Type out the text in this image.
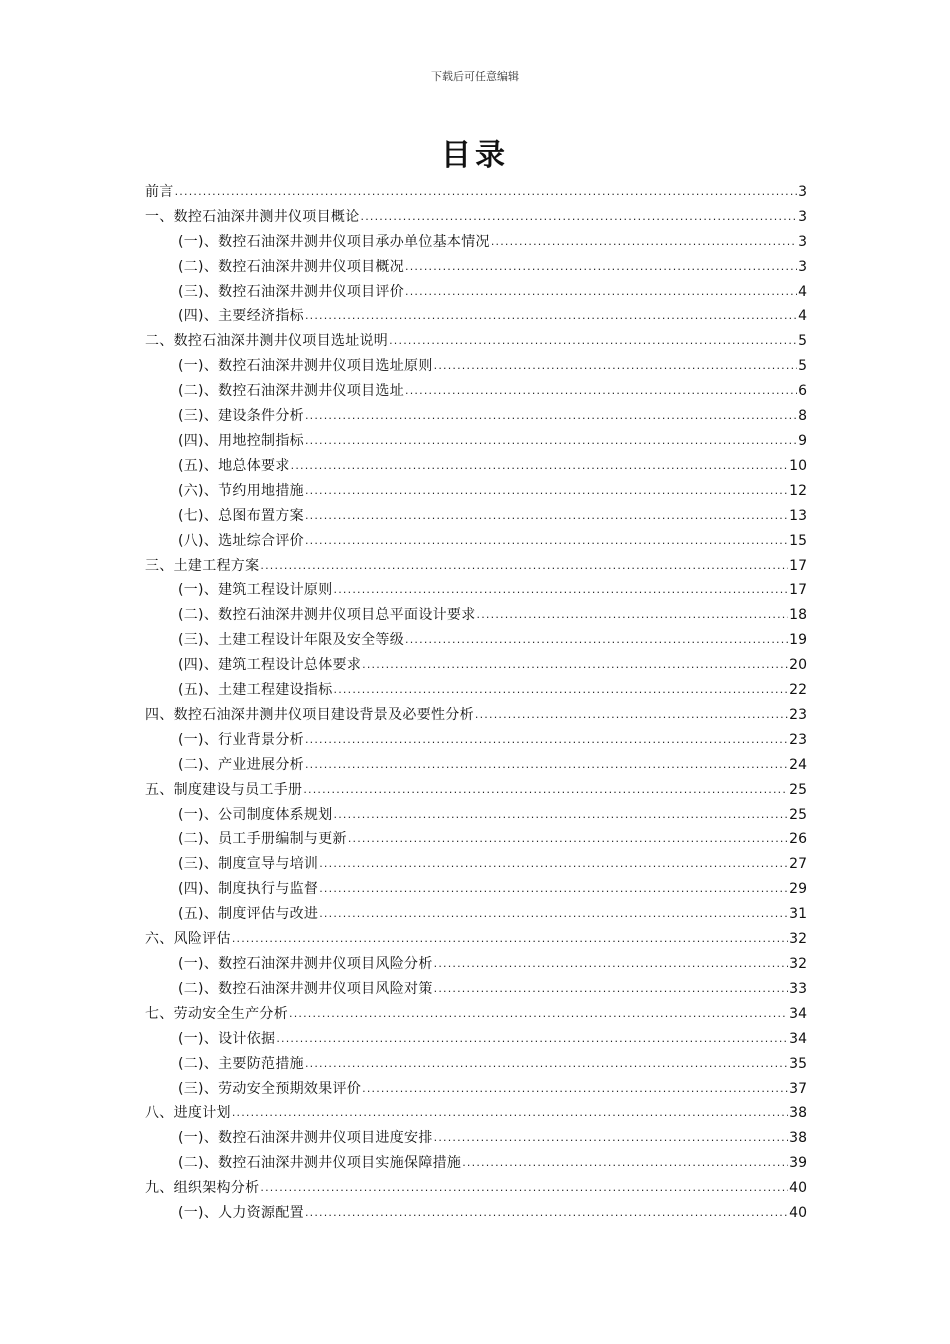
下载后可任意编辑
目录
前言 .....	3
一、数控石油深井测井仪项目概论 .....	3
(一)、数控石油深井测井仪项目承办单位基本情况 .....	3
(二)、数控石油深井测井仪项目概况 .....	3
(三)、数控石油深井测井仪项目评价 .....	4
(四)、主要经济指标 .....	4
二、数控石油深井测井仪项目选址说明 .....	5
(一)、数控石油深井测井仪项目选址原则 .....	5
(二)、数控石油深井测井仪项目选址 .....	6
(三)、建设条件分析 .....	8
(四)、用地控制指标 .....	9
(五)、地总体要求 .....	10
(六)、节约用地措施 .....	12
(七)、总图布置方案 .....	13
(八)、选址综合评价 .....	15
三、土建工程方案 .....	17
(一)、建筑工程设计原则 .....	17
(二)、数控石油深井测井仪项目总平面设计要求 .....	18
(三)、土建工程设计年限及安全等级 .....	19
(四)、建筑工程设计总体要求 .....	20
(五)、土建工程建设指标 .....	22
四、数控石油深井测井仪项目建设背景及必要性分析 .....	23
(一)、行业背景分析 .....	23
(二)、产业进展分析 .....	24
五、制度建设与员工手册 .....	25
(一)、公司制度体系规划 .....	25
(二)、员工手册编制与更新 .....	26
(三)、制度宣导与培训 .....	27
(四)、制度执行与监督 .....	29
(五)、制度评估与改进 .....	31
六、风险评估 .....	32
(一)、数控石油深井测井仪项目风险分析 .....	32
(二)、数控石油深井测井仪项目风险对策 .....	33
七、劳动安全生产分析 .....	34
(一)、设计依据 .....	34
(二)、主要防范措施 .....	35
(三)、劳动安全预期效果评价 .....	37
八、进度计划 .....	38
(一)、数控石油深井测井仪项目进度安排 .....	38
(二)、数控石油深井测井仪项目实施保障措施 .....	39
九、组织架构分析 .....	40
(一)、人力资源配置 .....	40
